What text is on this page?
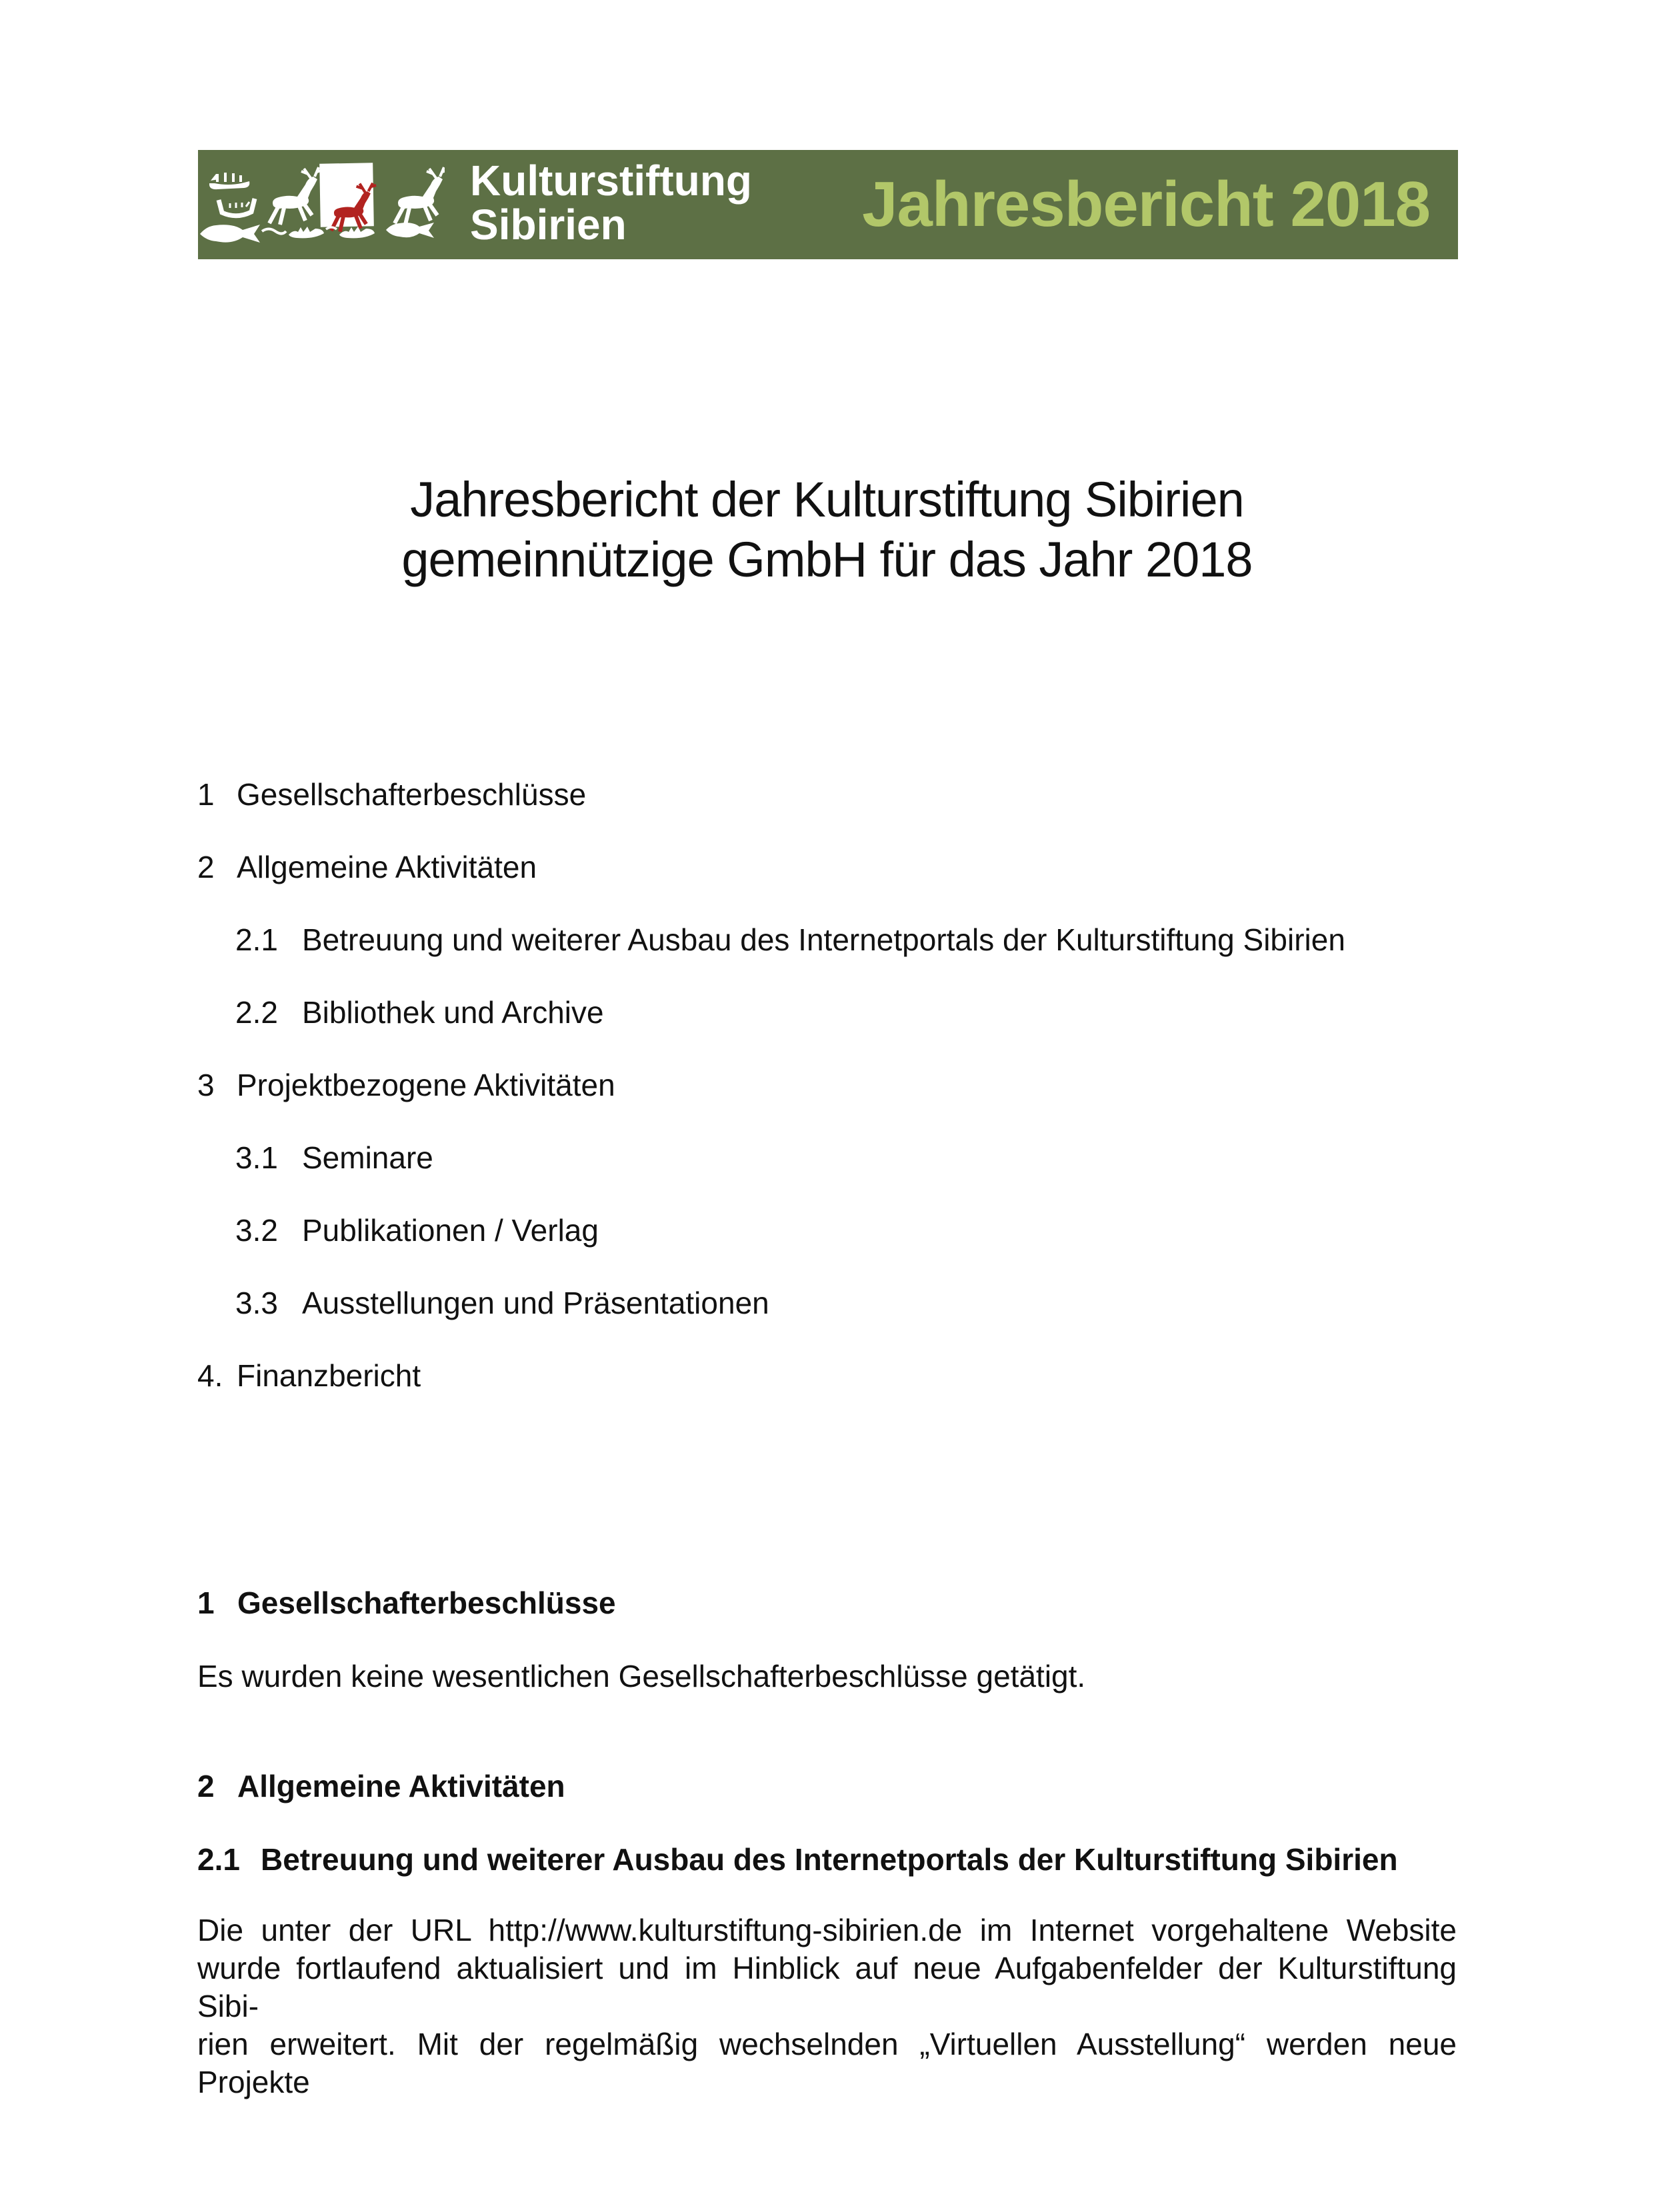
Kulturstiftung
Sibirien	Jahresbericht 2018
Jahresbericht der Kulturstiftung Sibirien
gemeinnützige GmbH für das Jahr 2018
1 Gesellschafterbeschlüsse
2 Allgemeine Aktivitäten
2.1 Betreuung und weiterer Ausbau des Internetportals der Kulturstiftung Sibirien
2.2 Bibliothek und Archive
3 Projektbezogene Aktivitäten
3.1 Seminare
3.2 Publikationen / Verlag
3.3 Ausstellungen und Präsentationen
4. Finanzbericht
1 Gesellschafterbeschlüsse
Es wurden keine wesentlichen Gesellschafterbeschlüsse getätigt.
2 Allgemeine Aktivitäten
2.1 Betreuung und weiterer Ausbau des Internetportals der Kulturstiftung Sibirien
Die unter der URL http://www.kulturstiftung-sibirien.de im Internet vorgehaltene Website
wurde fortlaufend aktualisiert und im Hinblick auf neue Aufgabenfelder der Kulturstiftung Sibi-
rien erweitert. Mit der regelmäßig wechselnden „Virtuellen Ausstellung“ werden neue Projekte
